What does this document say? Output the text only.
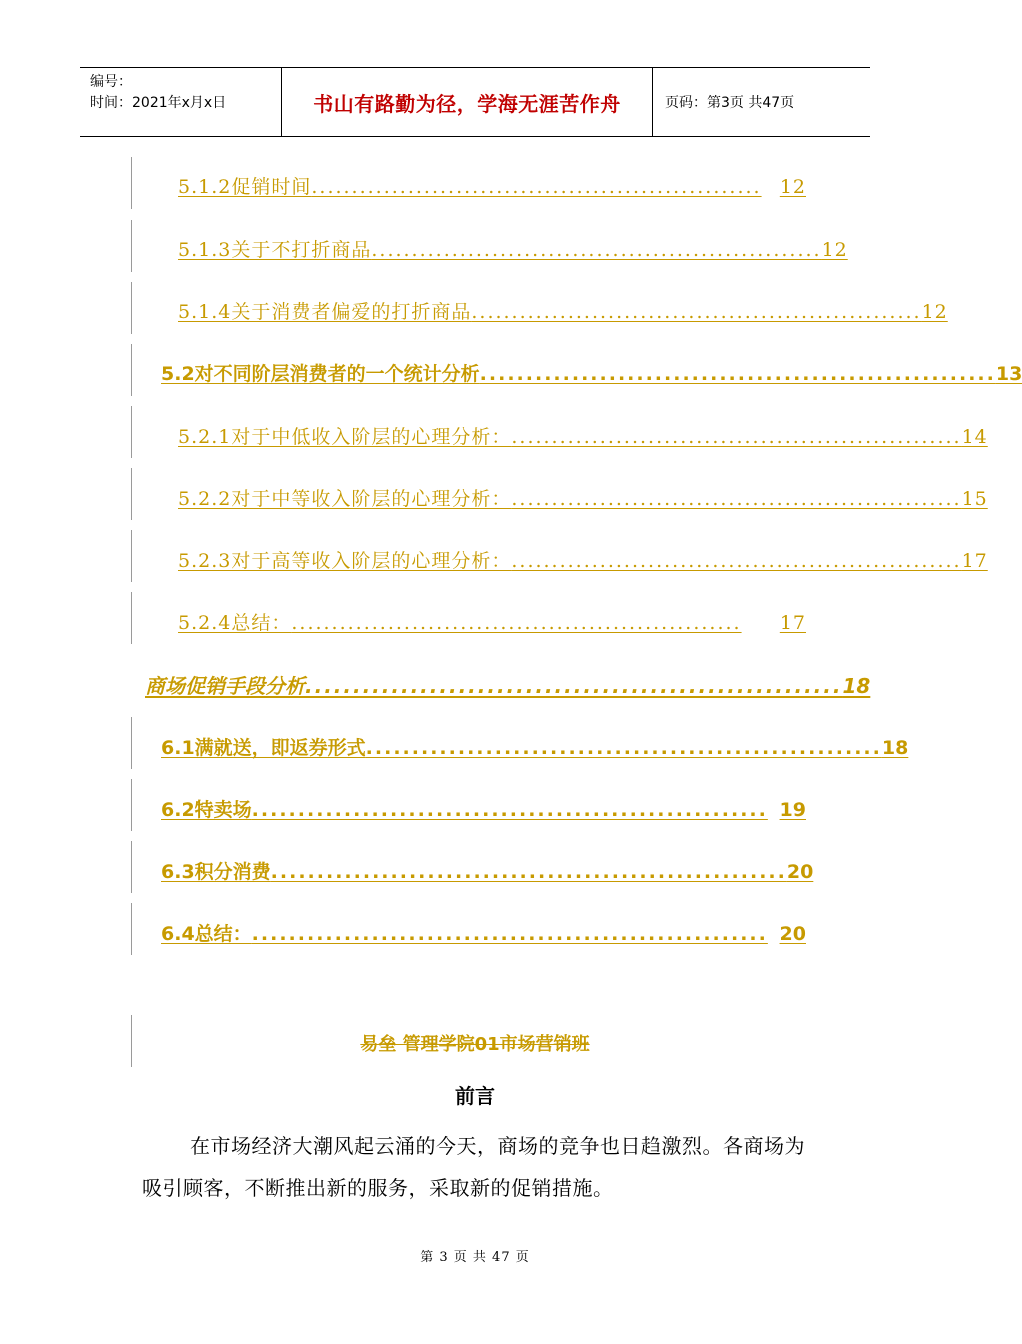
编号：
时间：2021年x月x日	书山有路勤为径，学海无涯苦作舟	页码：第3页 共47页
5.1.2促销时间 ........................................................ 12
5.1.3关于不打折商品 ........................................................ 12
5.1.4关于消费者偏爱的打折商品 ........................................................ 12
5.2对不同阶层消费者的一个统计分析 ........................................................ 13
5.2.1对于中低收入阶层的心理分析： ........................................................ 14
5.2.2对于中等收入阶层的心理分析： ........................................................ 15
5.2.3对于高等收入阶层的心理分析： ........................................................ 17
5.2.4总结： ........................................................	17
商场促销手段分析 ........................................................ 18
6.1满就送，即返券形式 ........................................................ 18
6.2特卖场 ........................................................ 19
6.3积分消费 ........................................................ 20
6.4总结： ........................................................ 20
易垒 管理学院01市场营销班
前言
在市场经济大潮风起云涌的今天，商场的竞争也日趋激烈。各商场为吸引顾客，不断推出新的服务，采取新的促销措施。
第 3 页 共 47 页
